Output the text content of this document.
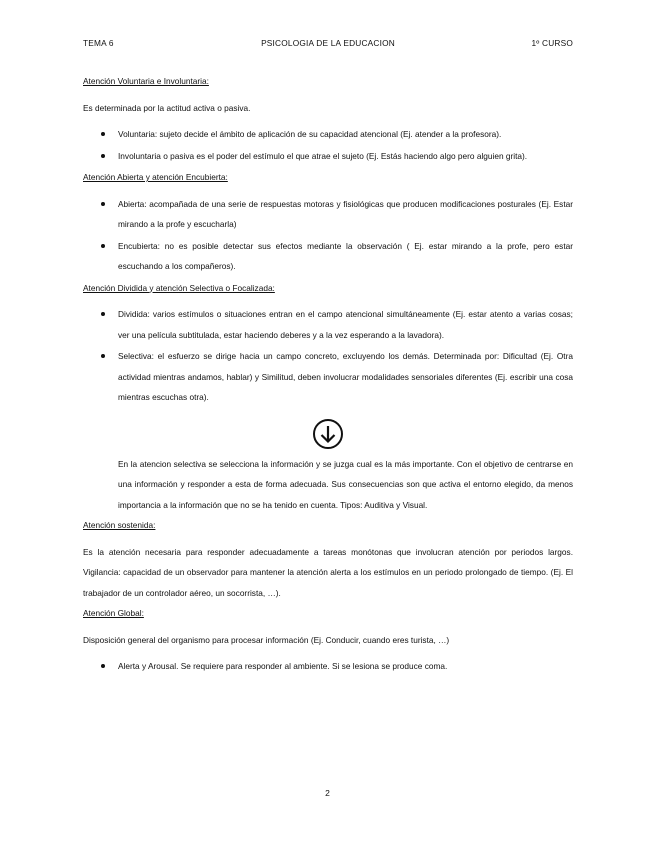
TEMA 6	PSICOLOGIA DE LA EDUCACION	1º CURSO

Atención Voluntaria e Involuntaria:

Es determinada por la actitud activa o pasiva.

Voluntaria: sujeto decide el ámbito de aplicación de su capacidad atencional (Ej. atender a la profesora).
Involuntaria o pasiva es el poder del estímulo el que atrae el sujeto (Ej. Estás haciendo algo pero alguien grita).

Atención Abierta y atención Encubierta:

Abierta: acompañada de una serie de respuestas motoras y fisiológicas que producen modificaciones posturales (Ej. Estar mirando a la profe y escucharla)
Encubierta: no es posible detectar sus efectos mediante la observación ( Ej. estar mirando a la profe, pero estar escuchando a los compañeros).

Atención Dividida y atención Selectiva o Focalizada:

Dividida: varios estímulos o situaciones entran en el campo atencional simultáneamente (Ej. estar atento a varias cosas; ver una película subtitulada, estar haciendo deberes y a la vez esperando a la lavadora).
Selectiva: el esfuerzo se dirige hacia un campo concreto, excluyendo los demás. Determinada por: Dificultad (Ej. Otra actividad mientras andamos, hablar) y Similitud, deben involucrar modalidades sensoriales diferentes (Ej. escribir una cosa mientras escuchas otra).

En la atencion selectiva se selecciona la información y se juzga cual es la más importante. Con el objetivo de centrarse en una información y responder a esta de forma adecuada. Sus consecuencias son que activa el entorno elegido, da menos importancia a la información que no se ha tenido en cuenta. Tipos: Auditiva y Visual.

Atención sostenida:

Es la atención necesaria para responder adecuadamente a tareas monótonas que involucran atención por periodos largos. Vigilancia: capacidad de un observador para mantener la atención alerta a los estímulos en un periodo prolongado de tiempo. (Ej. El trabajador de un controlador aéreo, un socorrista, …).

Atención Global:

Disposición general del organismo para procesar información (Ej. Conducir, cuando eres turista, …)

Alerta y Arousal. Se requiere para responder al ambiente. Si se lesiona se produce coma.
2
